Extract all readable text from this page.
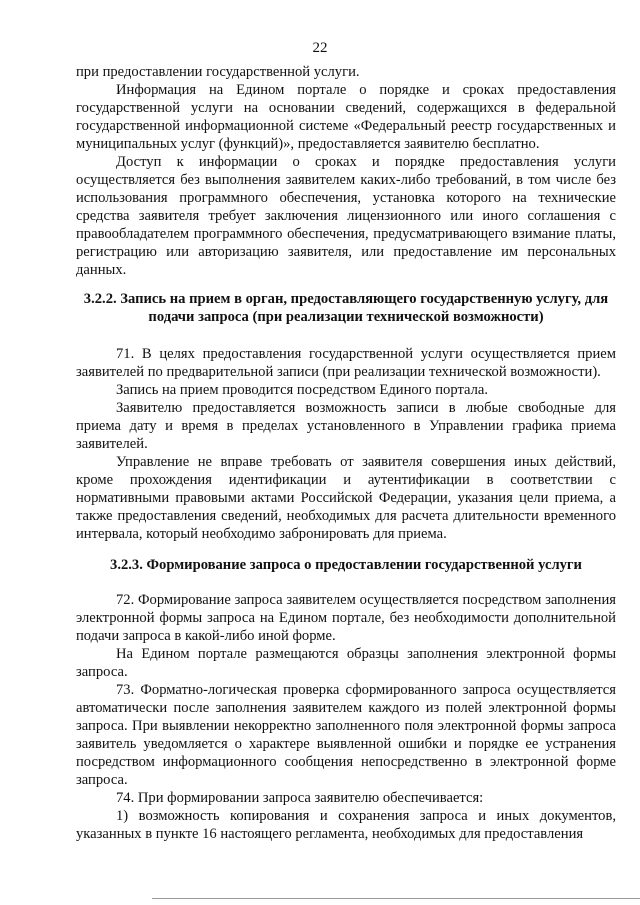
22

при предоставлении государственной услуги.

Информация на Едином портале о порядке и сроках предоставления государственной услуги на основании сведений, содержащихся в федеральной государственной информационной системе «Федеральный реестр государственных и муниципальных услуг (функций)», предоставляется заявителю бесплатно.

Доступ к информации о сроках и порядке предоставления услуги осуществляется без выполнения заявителем каких-либо требований, в том числе без использования программного обеспечения, установка которого на технические средства заявителя требует заключения лицензионного или иного соглашения с правообладателем программного обеспечения, предусматривающего взимание платы, регистрацию или авторизацию заявителя, или предоставление им персональных данных.

3.2.2. Запись на прием в орган, предоставляющего государственную услугу, для подачи запроса (при реализации технической возможности)

71. В целях предоставления государственной услуги осуществляется прием заявителей по предварительной записи (при реализации технической возможности).

Запись на прием проводится посредством Единого портала.

Заявителю предоставляется возможность записи в любые свободные для приема дату и время в пределах установленного в Управлении графика приема заявителей.

Управление не вправе требовать от заявителя совершения иных действий, кроме прохождения идентификации и аутентификации в соответствии с нормативными правовыми актами Российской Федерации, указания цели приема, а также предоставления сведений, необходимых для расчета длительности временного интервала, который необходимо забронировать для приема.

3.2.3. Формирование запроса о предоставлении государственной услуги

72. Формирование запроса заявителем осуществляется посредством заполнения электронной формы запроса на Едином портале, без необходимости дополнительной подачи запроса в какой-либо иной форме.

На Едином портале размещаются образцы заполнения электронной формы запроса.

73. Форматно-логическая проверка сформированного запроса осуществляется автоматически после заполнения заявителем каждого из полей электронной формы запроса. При выявлении некорректно заполненного поля электронной формы запроса заявитель уведомляется о характере выявленной ошибки и порядке ее устранения посредством информационного сообщения непосредственно в электронной форме запроса.

74. При формировании запроса заявителю обеспечивается:

1) возможность копирования и сохранения запроса и иных документов, указанных в пункте 16 настоящего регламента, необходимых для предоставления
